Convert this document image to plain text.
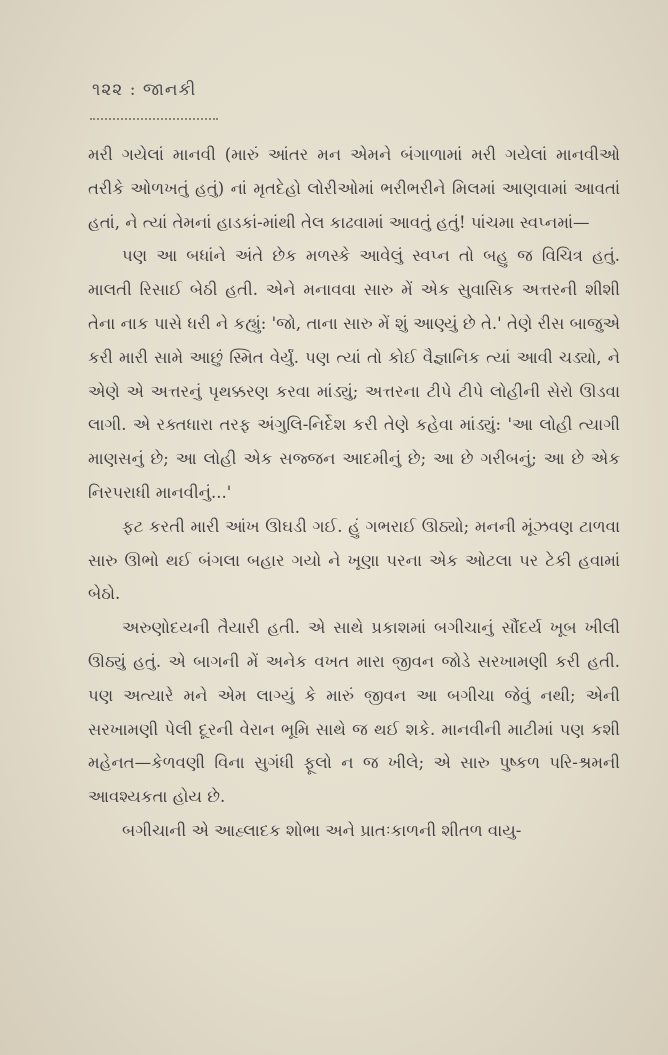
૧૨૨ : જાનકી

મરી ગયેલાં માનવી (મારું આંતર મન એમને બંગાળામાં મરી ગયેલાં માનવીઓ તરીકે ઓળખતું હતું) નાં મૃતદેહો લોરીઓમાં ભરીભરીને મિલમાં આણવામાં આવતાં હતાં, ને ત્યાં તેમનાં હાડકાં-માંથી તેલ કાઢવામાં આવતું હતું! પાંચમા સ્વપ્નમાં—

પણ આ બધાંને અંતે છેક મળસ્કે આવેલું સ્વપ્ન તો બહુ જ વિચિત્ર હતું. માલતી રિસાઈ બેઠી હતી. એને મનાવવા સારુ મેં એક સુવાસિક અત્તરની શીશી તેના નાક પાસે ધરી ને કહ્યું: 'જો, તાના સારુ મેં શું આણ્યું છે તે.' તેણે રીસ બાજુએ કરી મારી સામે આછું સ્મિત વેર્યું. પણ ત્યાં તો કોઈ વૈજ્ઞાનિક ત્યાં આવી ચડ્યો, ને એણે એ અત્તરનું પૃથક્કરણ કરવા માંડ્યું; અત્તરના ટીપે ટીપે લોહીની સેરો ઊડવા લાગી. એ રક્તધારા તરફ અંગુલિ-નિર્દેશ કરી તેણે કહેવા માંડ્યું: 'આ લોહી ત્યાગી માણસનું છે; આ લોહી એક સજ્જન આદમીનું છે; આ છે ગરીબનું; આ છે એક નિરપરાધી માનવીનું...'

ફટ કરતી મારી આંખ ઊઘડી ગઈ. હું ગભરાઈ ઊઠ્યો; મનની મૂંઝવણ ટાળવા સારુ ઊભો થઈ બંગલા બહાર ગયો ને ખૂણા પરના એક ઓટલા પર ટેકી હવામાં બેઠો.

અરુણોદયની તૈયારી હતી. એ સાથે પ્રકાશમાં બગીચાનું સૌંદર્ય ખૂબ ખીલી ઊઠ્યું હતું. એ બાગની મેં અનેક વખત મારા જીવન જોડે સરખામણી કરી હતી. પણ અત્યારે મને એમ લાગ્યું કે મારું જીવન આ બગીચા જેવું નથી; એની સરખામણી પેલી દૂરની વેરાન ભૂમિ સાથે જ થઈ શકે. માનવીની માટીમાં પણ કશી મહેનત—કેળવણી વિના સુગંધી ફૂલો ન જ ખીલે; એ સારુ પુષ્કળ પરિ-શ્રમની આવશ્યકતા હોય છે.

બગીચાની એ આહ્લાદક શોભા અને પ્રાતઃકાળની શીતળ વાયુ-
